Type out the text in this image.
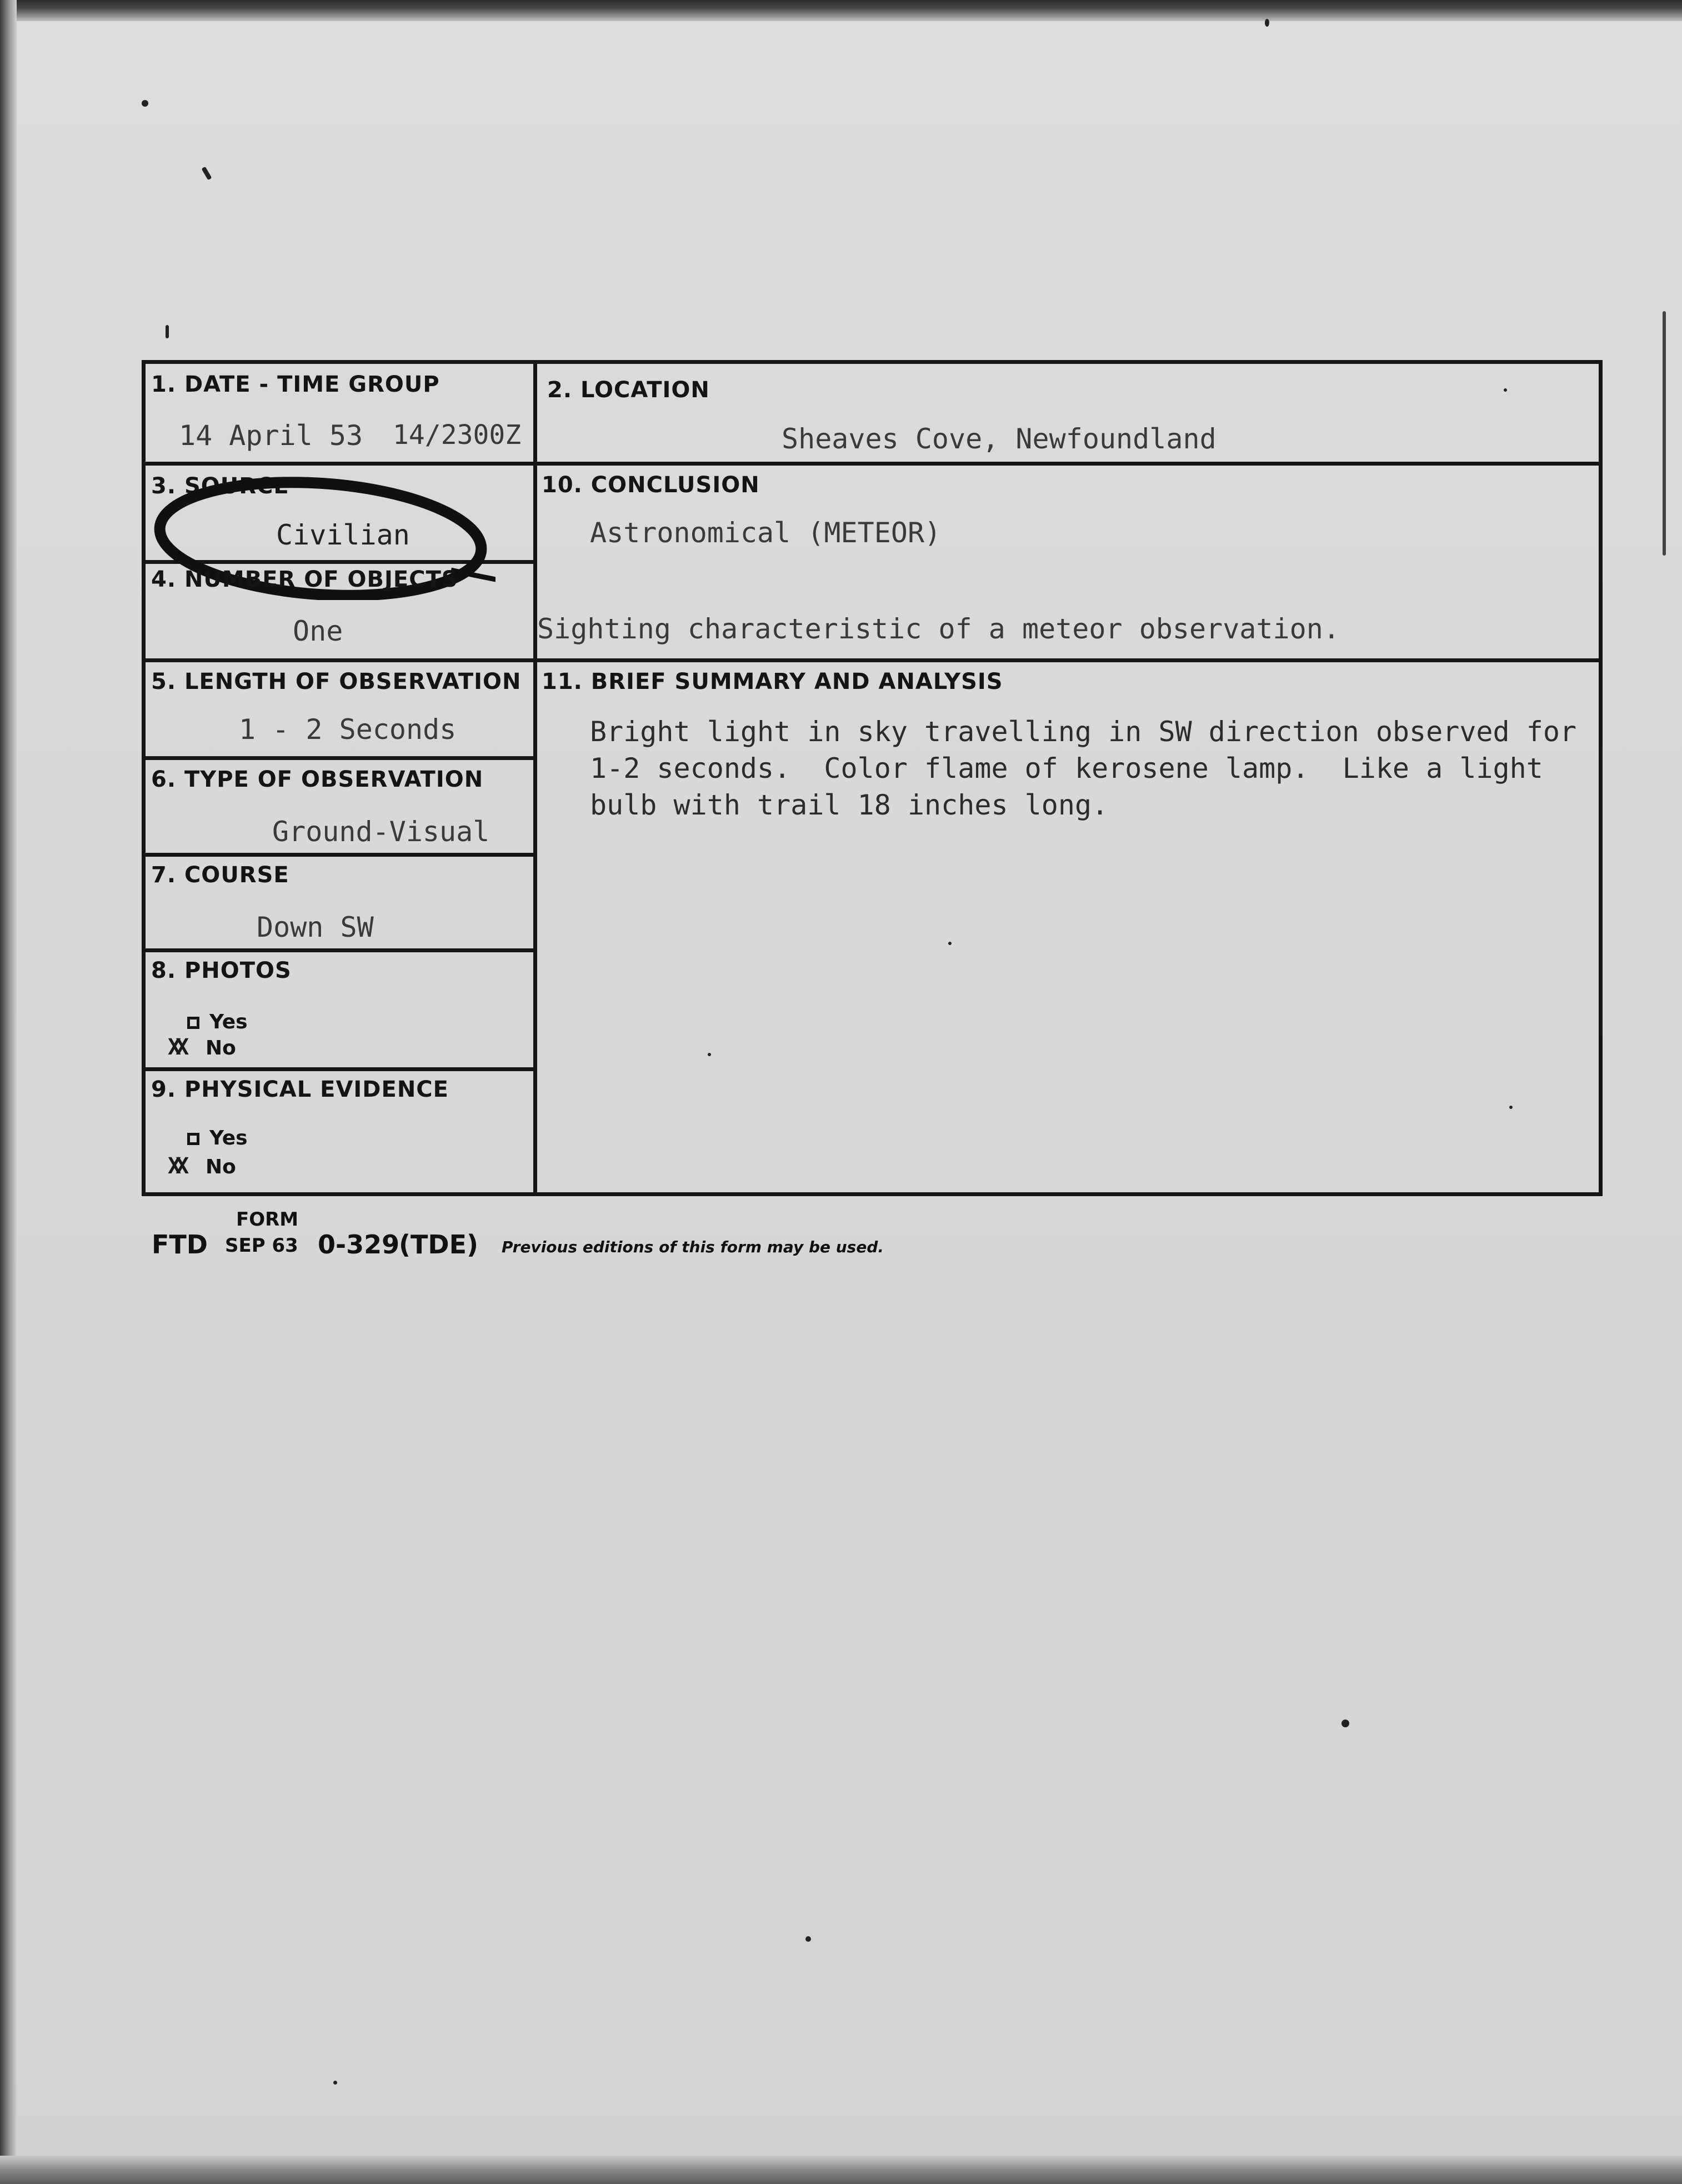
1. DATE - TIME GROUP
14 April 53 14/2300Z
2. LOCATION
Sheaves Cove, Newfoundland
3. SOURCE
Civilian
4. NUMBER OF OBJECTS
One
10. CONCLUSION
Astronomical (METEOR)
Sighting characteristic of a meteor observation.
5. LENGTH OF OBSERVATION
1 - 2 Seconds
11. BRIEF SUMMARY AND ANALYSIS
Bright light in sky travelling in SW direction observed for
1-2 seconds.  Color flame of kerosene lamp.  Like a light
bulb with trail 18 inches long.
6. TYPE OF OBSERVATION
Ground-Visual
7. COURSE
Down SW
8. PHOTOS
Yes
XX No
9. PHYSICAL EVIDENCE
Yes
XX No
FORM
FTD SEP 63 0-329
(TDE) Previous editions of this form may be used.
